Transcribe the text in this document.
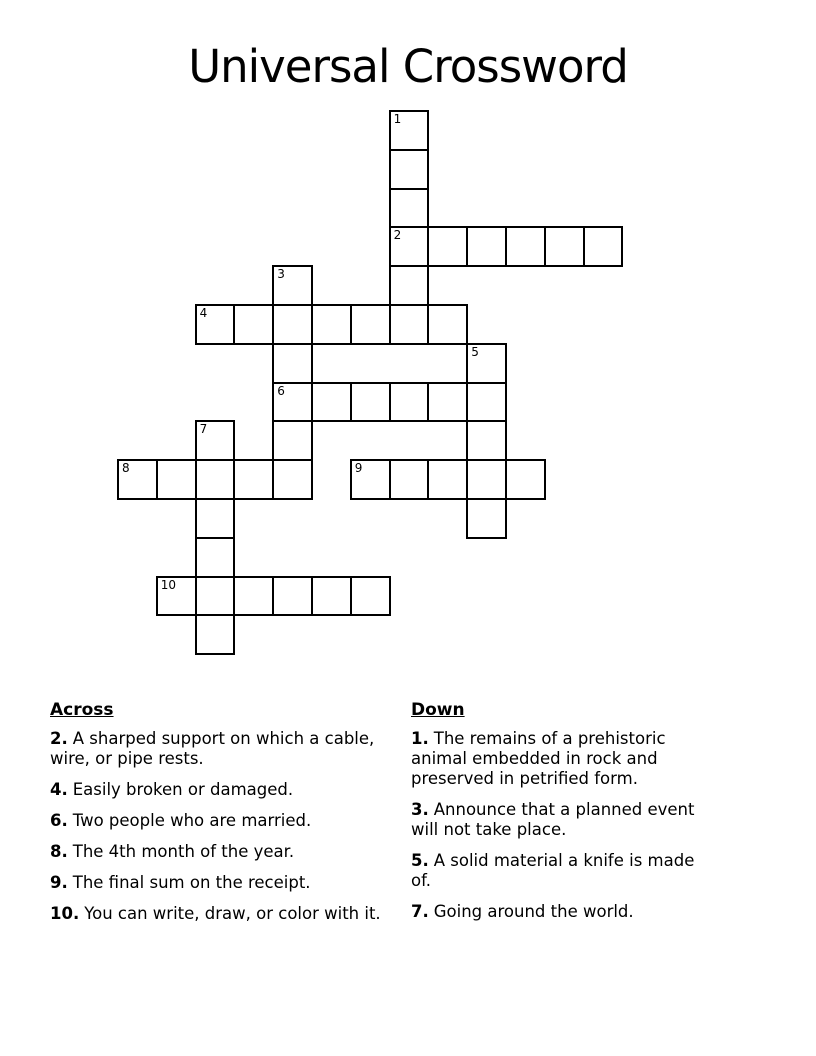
Universal Crossword
1
2
3
6
4
5
7
8	9
10
Across

2. A sharped support on which a cable, wire, or pipe rests.

4. Easily broken or damaged.

6. Two people who are married.

8. The 4th month of the year.

9. The final sum on the receipt.

10. You can write, draw, or color with it.

Down

1. The remains of a prehistoric animal embedded in rock and preserved in petrified form.

3. Announce that a planned event will not take place.

5. A solid material a knife is made of.

7. Going around the world.
